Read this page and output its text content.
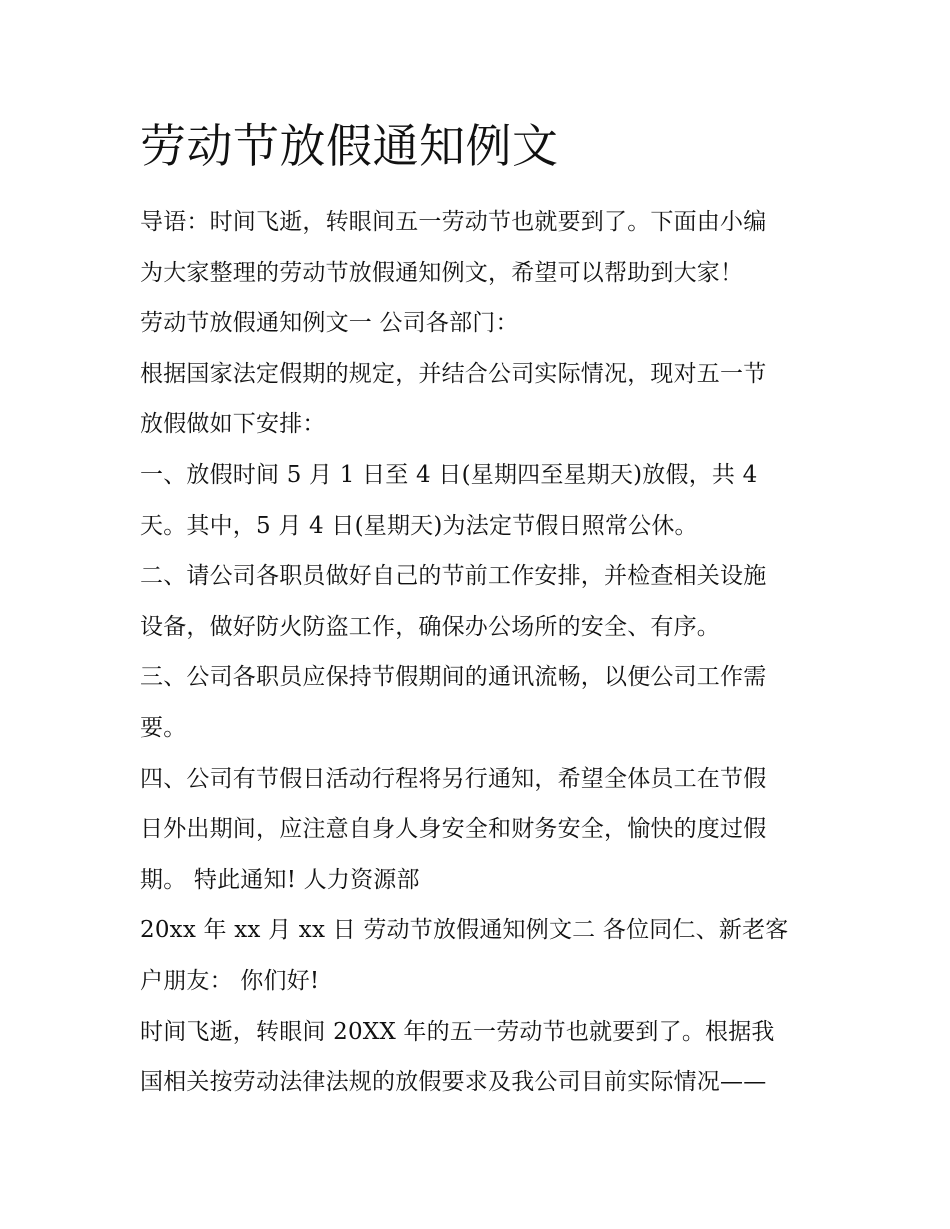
劳动节放假通知例文
导语：时间飞逝，转眼间五一劳动节也就要到了。下面由小编
为大家整理的劳动节放假通知例文，希望可以帮助到大家！
劳动节放假通知例文一 公司各部门：
根据国家法定假期的规定，并结合公司实际情况，现对五一节
放假做如下安排：
一、放假时间 5 月 1 日至 4 日(星期四至星期天)放假，共 4
天。其中，5 月 4 日(星期天)为法定节假日照常公休。
二、请公司各职员做好自己的节前工作安排，并检查相关设施
设备，做好防火防盗工作，确保办公场所的安全、有序。
三、公司各职员应保持节假期间的通讯流畅，以便公司工作需
要。
四、公司有节假日活动行程将另行通知，希望全体员工在节假
日外出期间，应注意自身人身安全和财务安全，愉快的度过假
期。 特此通知! 人力资源部
20xx 年 xx 月 xx 日 劳动节放假通知例文二 各位同仁、新老客
户朋友： 你们好!
时间飞逝，转眼间 20XX 年的五一劳动节也就要到了。根据我
国相关按劳动法律法规的放假要求及我公司目前实际情况——
